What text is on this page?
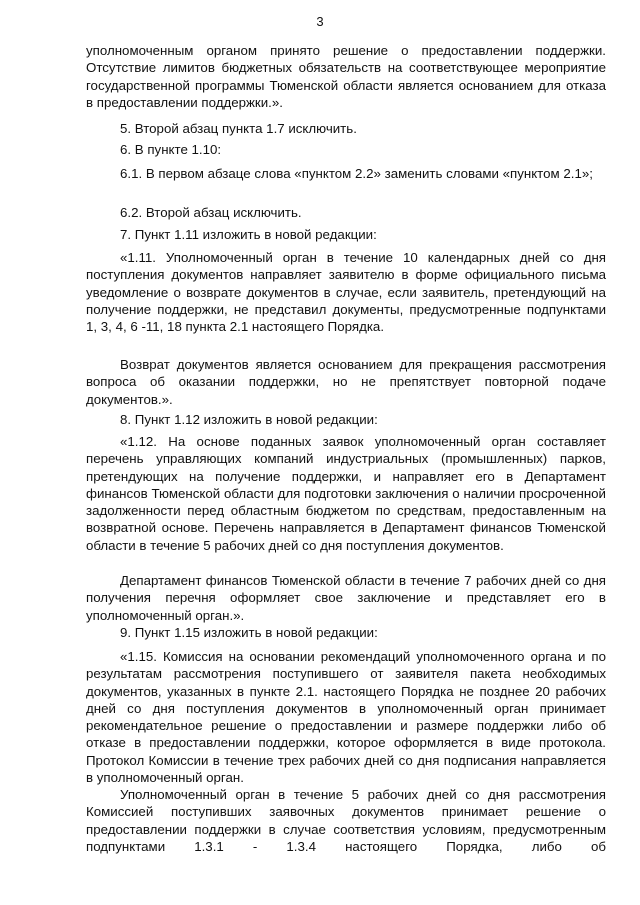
3

уполномоченным органом принято решение о предоставлении поддержки. Отсутствие лимитов бюджетных обязательств на соответствующее мероприятие государственной программы Тюменской области является основанием для отказа в предоставлении поддержки.».

5. Второй абзац пункта 1.7 исключить.

6. В пункте 1.10:

6.1. В первом абзаце слова «пунктом 2.2» заменить словами «пунктом 2.1»;

6.2. Второй абзац исключить.

7. Пункт 1.11 изложить в новой редакции:

«1.11. Уполномоченный орган в течение 10 календарных дней со дня поступления документов направляет заявителю в форме официального письма уведомление о возврате документов в случае, если заявитель, претендующий на получение поддержки, не представил документы, предусмотренные подпунктами 1, 3, 4, 6 -11, 18 пункта 2.1 настоящего Порядка.

Возврат документов является основанием для прекращения рассмотрения вопроса об оказании поддержки, но не препятствует повторной подаче документов.».

8. Пункт 1.12 изложить в новой редакции:

«1.12. На основе поданных заявок уполномоченный орган составляет перечень управляющих компаний индустриальных (промышленных) парков, претендующих на получение поддержки, и направляет его в Департамент финансов Тюменской области для подготовки заключения о наличии просроченной задолженности перед областным бюджетом по средствам, предоставленным на возвратной основе. Перечень направляется в Департамент финансов Тюменской области в течение 5 рабочих дней со дня поступления документов.

Департамент финансов Тюменской области в течение 7 рабочих дней со дня получения перечня оформляет свое заключение и представляет его в уполномоченный орган.».

9. Пункт 1.15 изложить в новой редакции:

«1.15. Комиссия на основании рекомендаций уполномоченного органа и по результатам рассмотрения поступившего от заявителя пакета необходимых документов, указанных в пункте 2.1. настоящего Порядка не позднее 20 рабочих дней со дня поступления документов в уполномоченный орган принимает рекомендательное решение о предоставлении и размере поддержки либо об отказе в предоставлении поддержки, которое оформляется в виде протокола. Протокол Комиссии в течение трех рабочих дней со дня подписания направляется в уполномоченный орган.

Уполномоченный орган в течение 5 рабочих дней со дня рассмотрения Комиссией поступивших заявочных документов принимает решение о предоставлении поддержки в случае соответствия условиям, предусмотренным подпунктами 1.3.1 - 1.3.4 настоящего Порядка, либо об
